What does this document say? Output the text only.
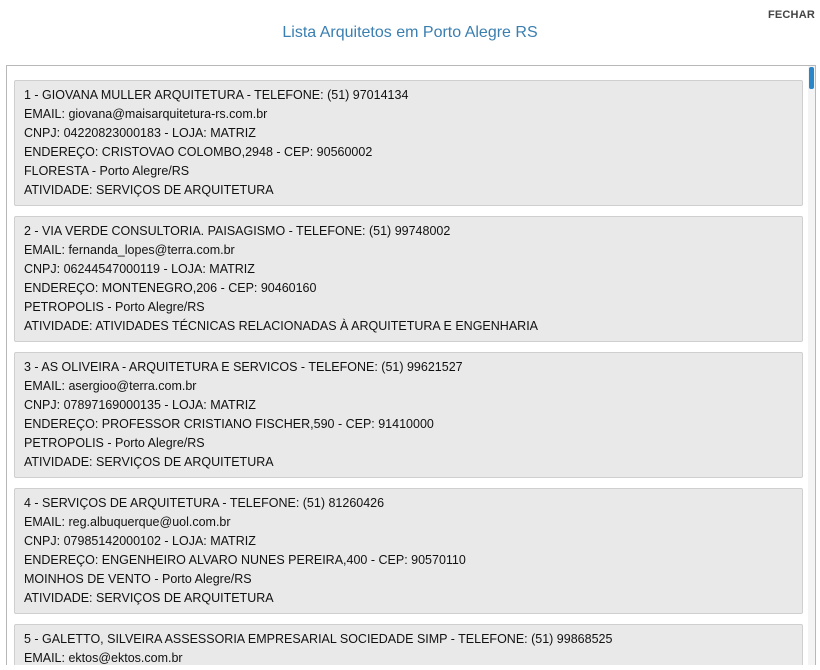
FECHAR
Lista Arquitetos em Porto Alegre RS
1 - GIOVANA MULLER ARQUITETURA - TELEFONE: (51) 97014134
EMAIL: giovana@maisarquitetura-rs.com.br
CNPJ: 04220823000183 - LOJA: MATRIZ
ENDEREÇO: CRISTOVAO COLOMBO,2948 - CEP: 90560002
FLORESTA - Porto Alegre/RS
ATIVIDADE: SERVIÇOS DE ARQUITETURA
2 - VIA VERDE CONSULTORIA. PAISAGISMO - TELEFONE: (51) 99748002
EMAIL: fernanda_lopes@terra.com.br
CNPJ: 06244547000119 - LOJA: MATRIZ
ENDEREÇO: MONTENEGRO,206 - CEP: 90460160
PETROPOLIS - Porto Alegre/RS
ATIVIDADE: ATIVIDADES TÉCNICAS RELACIONADAS À ARQUITETURA E ENGENHARIA
3 - AS OLIVEIRA - ARQUITETURA E SERVICOS - TELEFONE: (51) 99621527
EMAIL: asergioo@terra.com.br
CNPJ: 07897169000135 - LOJA: MATRIZ
ENDEREÇO: PROFESSOR CRISTIANO FISCHER,590 - CEP: 91410000
PETROPOLIS - Porto Alegre/RS
ATIVIDADE: SERVIÇOS DE ARQUITETURA
4 - SERVIÇOS DE ARQUITETURA - TELEFONE: (51) 81260426
EMAIL: reg.albuquerque@uol.com.br
CNPJ: 07985142000102 - LOJA: MATRIZ
ENDEREÇO: ENGENHEIRO ALVARO NUNES PEREIRA,400 - CEP: 90570110
MOINHOS DE VENTO - Porto Alegre/RS
ATIVIDADE: SERVIÇOS DE ARQUITETURA
5 - GALETTO, SILVEIRA ASSESSORIA EMPRESARIAL SOCIEDADE SIMP - TELEFONE: (51) 99868525
EMAIL: ektos@ektos.com.br
